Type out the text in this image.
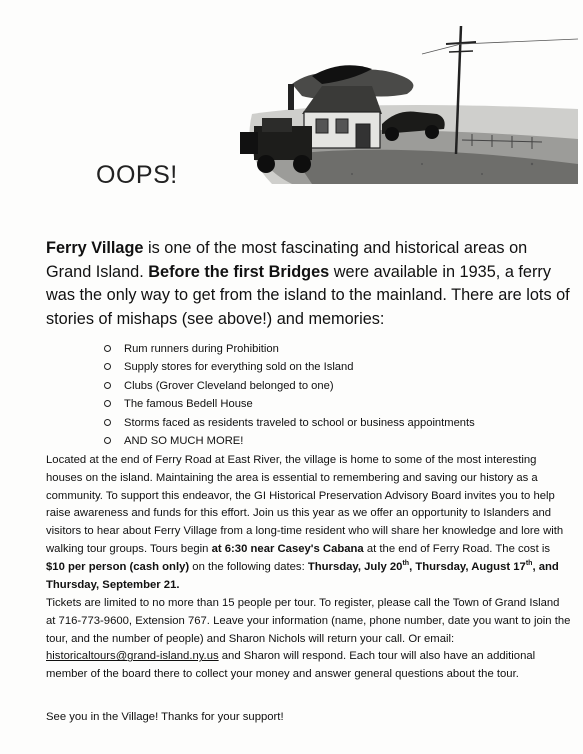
OOPS!

Ferry Village is one of the most fascinating and historical areas on Grand Island. Before the first Bridges were available in 1935, a ferry was the only way to get from the island to the mainland. There are lots of stories of mishaps (see above!) and memories:

Rum runners during Prohibition
Supply stores for everything sold on the Island
Clubs (Grover Cleveland belonged to one)
The famous Bedell House
Storms faced as residents traveled to school or business appointments
AND SO MUCH MORE!

Located at the end of Ferry Road at East River, the village is home to some of the most interesting houses on the island. Maintaining the area is essential to remembering and saving our history as a community. To support this endeavor, the GI Historical Preservation Advisory Board invites you to help raise awareness and funds for this effort. Join us this year as we offer an opportunity to Islanders and visitors to hear about Ferry Village from a long-time resident who will share her knowledge and lore with walking tour groups. Tours begin at 6:30 near Casey's Cabana at the end of Ferry Road. The cost is $10 per person (cash only) on the following dates: Thursday, July 20th, Thursday, August 17th, and Thursday, September 21.

Tickets are limited to no more than 15 people per tour. To register, please call the Town of Grand Island at 716-773-9600, Extension 767. Leave your information (name, phone number, date you want to join the tour, and the number of people) and Sharon Nichols will return your call. Or email: historicaltours@grand-island.ny.us and Sharon will respond. Each tour will also have an additional member of the board there to collect your money and answer general questions about the tour.

See you in the Village! Thanks for your support!
